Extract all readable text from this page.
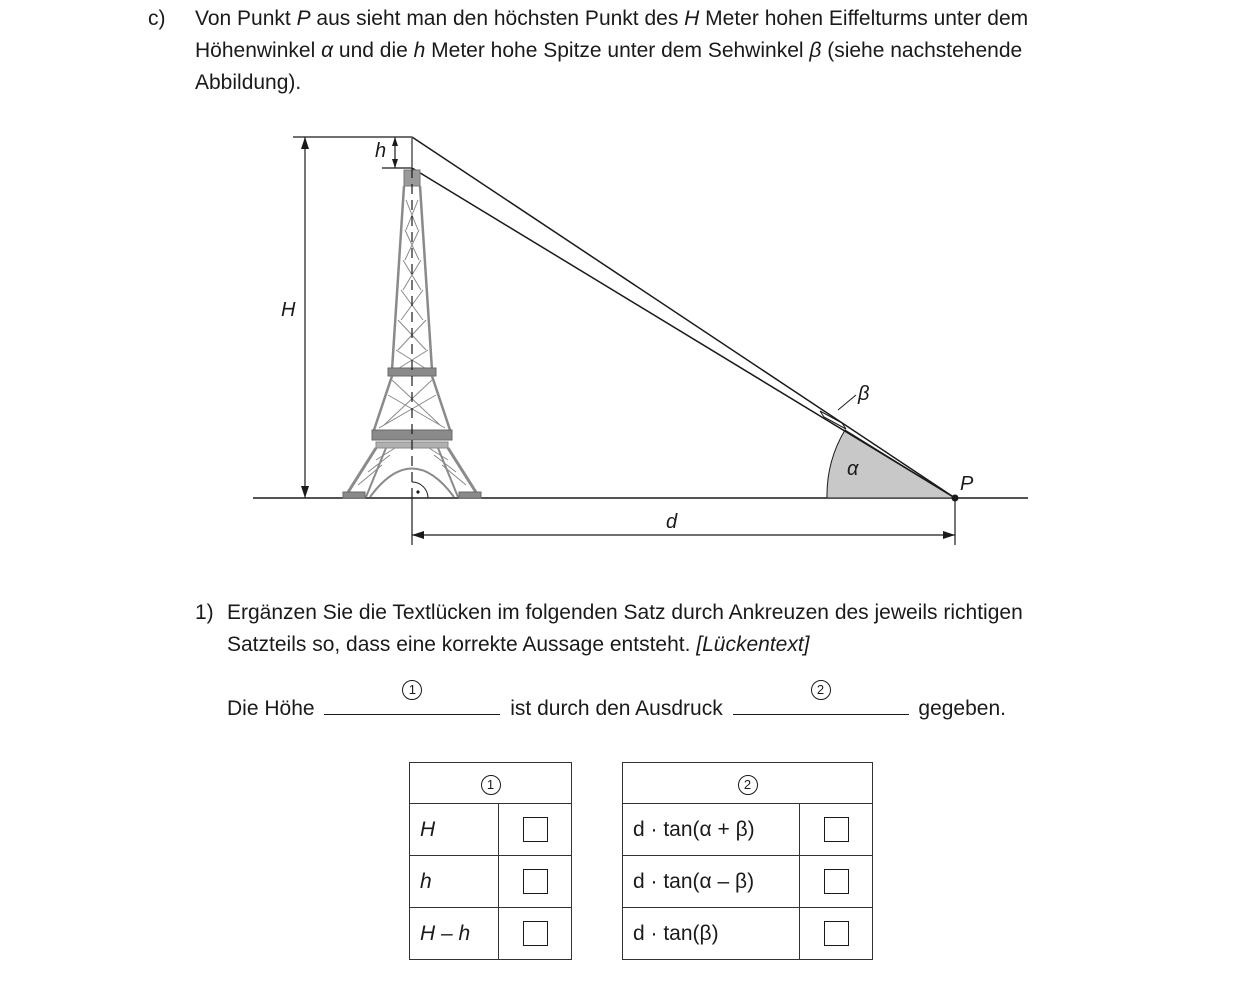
c) Von Punkt P aus sieht man den höchsten Punkt des H Meter hohen Eiffelturms unter dem
Höhenwinkel α und die h Meter hohe Spitze unter dem Sehwinkel β (siehe nachstehende
Abbildung).
h
H
β
α
P
d
1) Ergänzen Sie die Textlücken im folgenden Satz durch Ankreuzen des jeweils richtigen
Satzteils so, dass eine korrekte Aussage entsteht. [Lückentext]
Die Höhe
1
ist durch den Ausdruck
2
gegeben.
1	
H	
h	
H – h	
2	
d · tan(α + β)	
d · tan(α – β)	
d · tan(β)	
